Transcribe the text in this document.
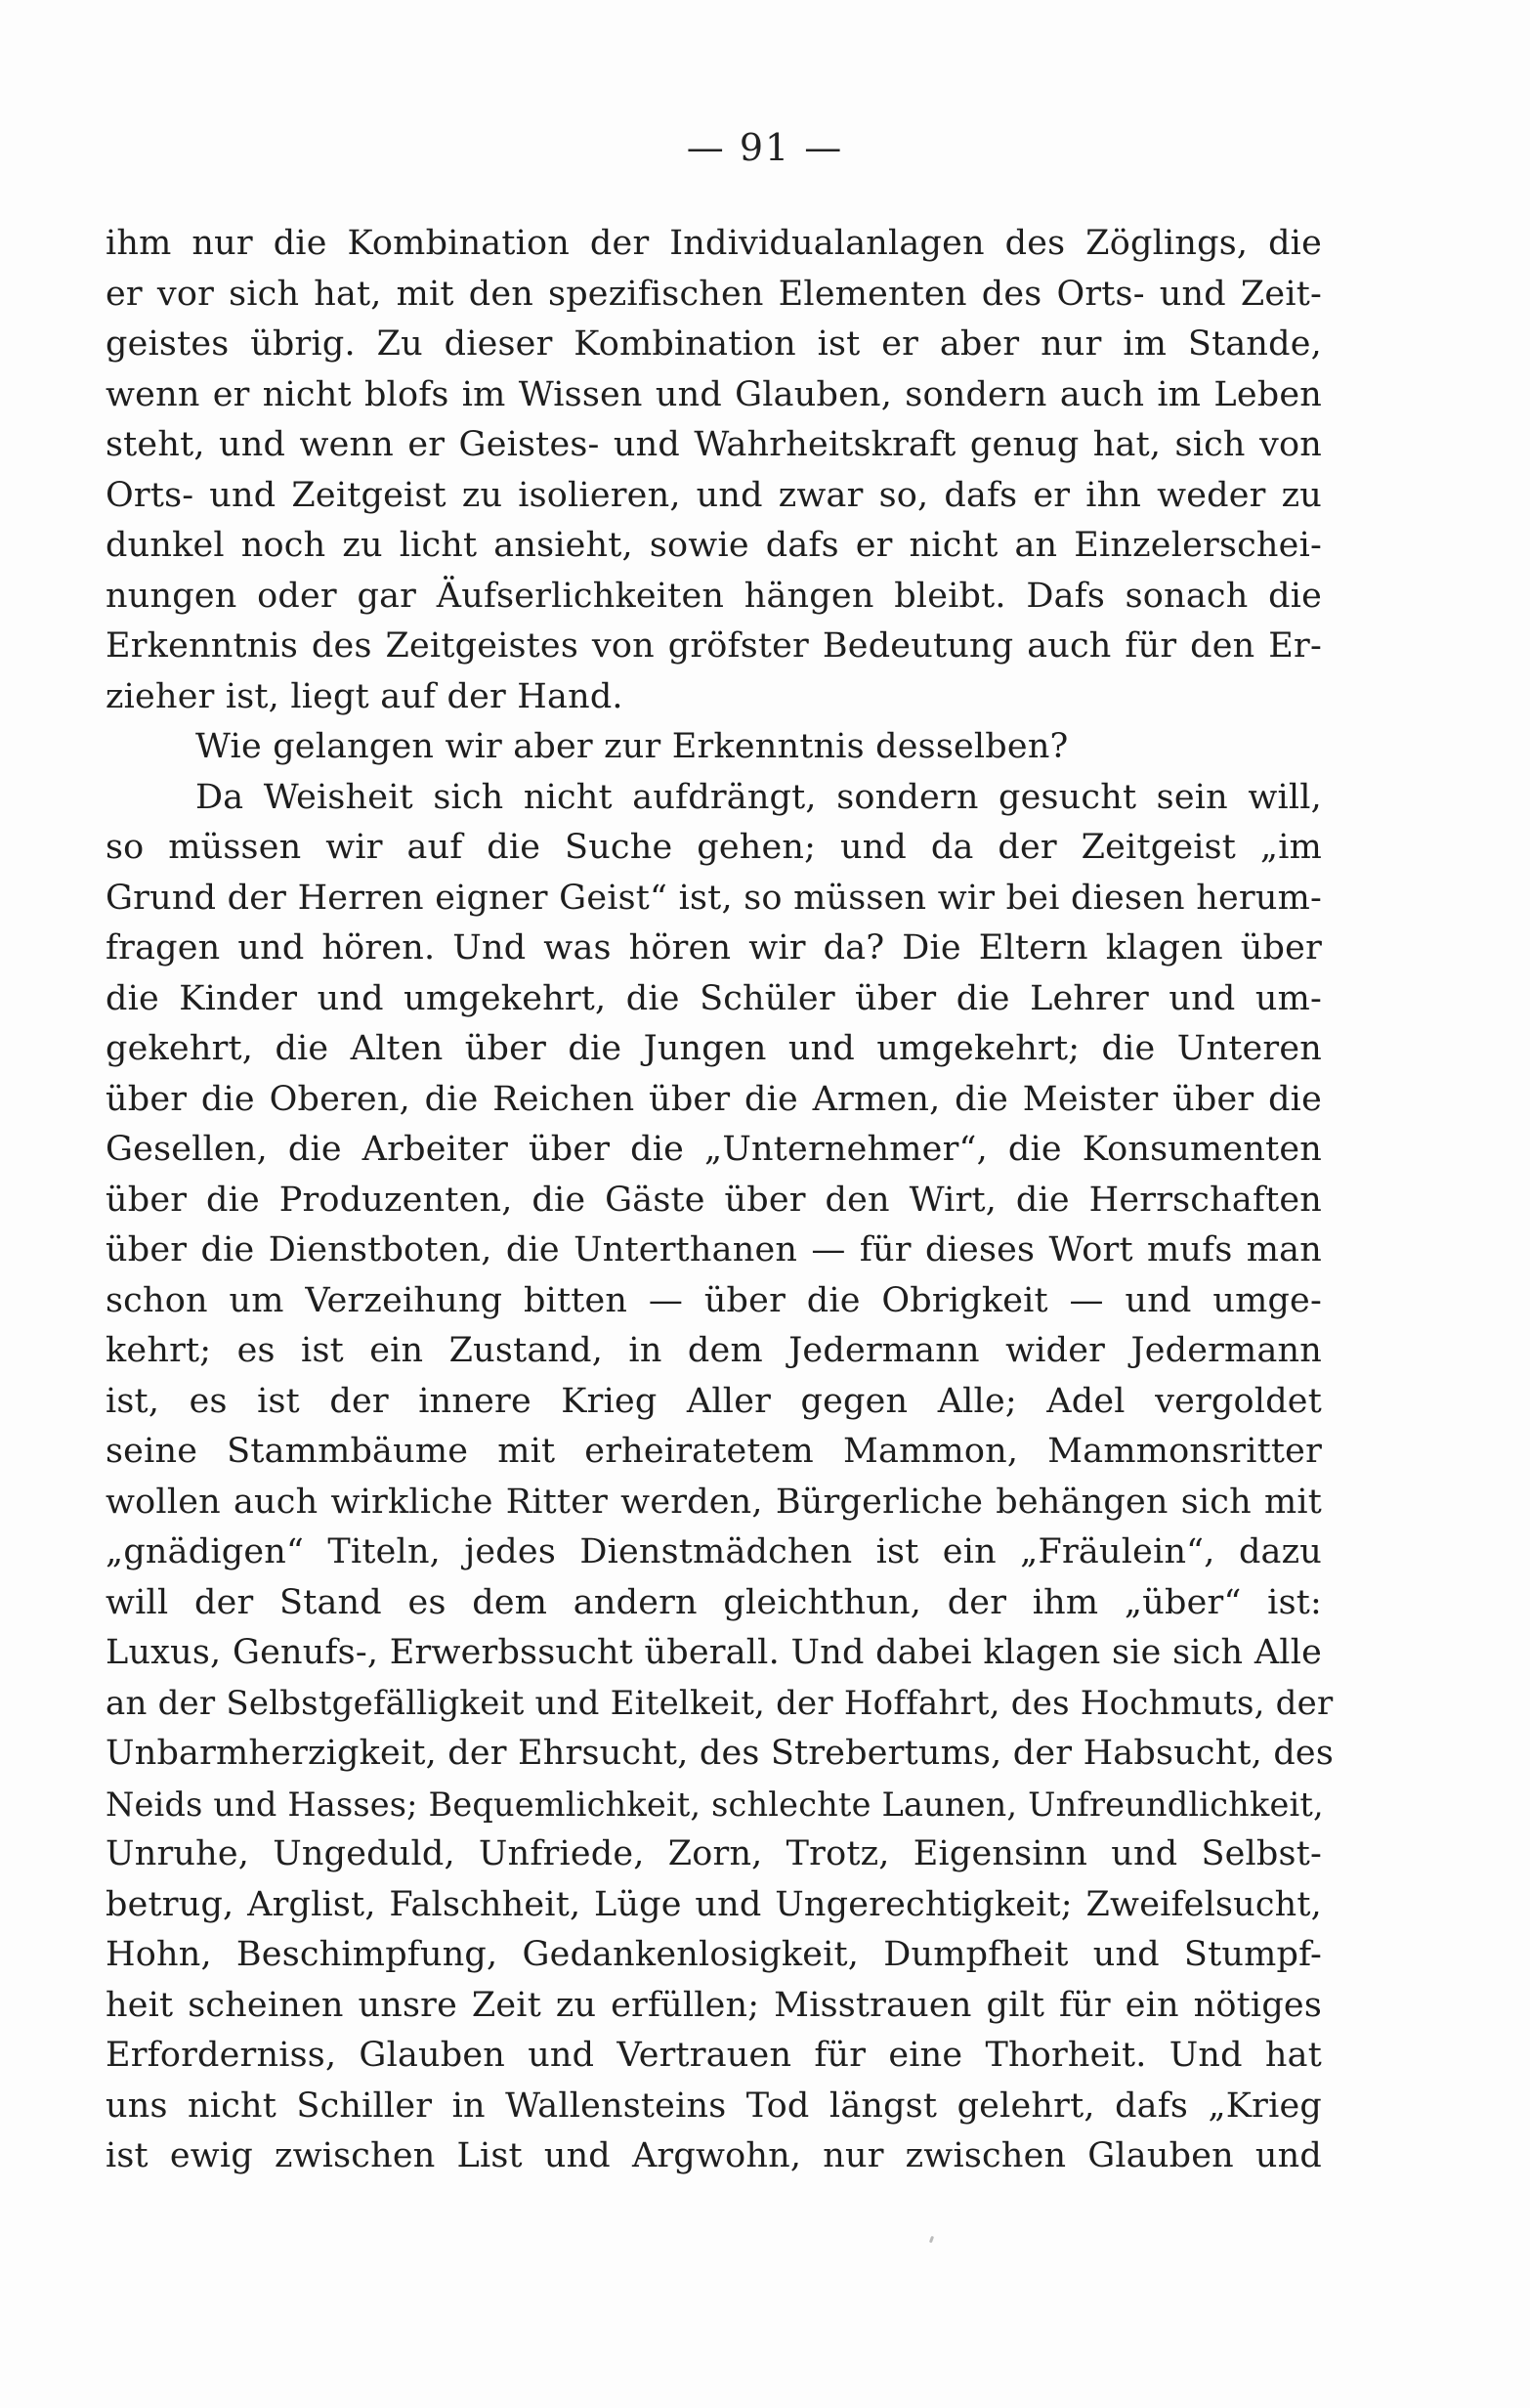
— 91 —
ihm nur die Kombination der Individualanlagen des Zöglings, die
er vor sich hat, mit den spezifischen Elementen des Orts- und Zeit-
geistes übrig. Zu dieser Kombination ist er aber nur im Stande,
wenn er nicht blofs im Wissen und Glauben, sondern auch im Leben
steht, und wenn er Geistes- und Wahrheitskraft genug hat, sich von
Orts- und Zeitgeist zu isolieren, und zwar so, dafs er ihn weder zu
dunkel noch zu licht ansieht, sowie dafs er nicht an Einzelerschei-
nungen oder gar Äufserlichkeiten hängen bleibt. Dafs sonach die
Erkenntnis des Zeitgeistes von gröfster Bedeutung auch für den Er-
zieher ist, liegt auf der Hand.
Wie gelangen wir aber zur Erkenntnis desselben?
Da Weisheit sich nicht aufdrängt, sondern gesucht sein will,
so müssen wir auf die Suche gehen; und da der Zeitgeist „im
Grund der Herren eigner Geist“ ist, so müssen wir bei diesen herum-
fragen und hören. Und was hören wir da? Die Eltern klagen über
die Kinder und umgekehrt, die Schüler über die Lehrer und um-
gekehrt, die Alten über die Jungen und umgekehrt; die Unteren
über die Oberen, die Reichen über die Armen, die Meister über die
Gesellen, die Arbeiter über die „Unternehmer“, die Konsumenten
über die Produzenten, die Gäste über den Wirt, die Herrschaften
über die Dienstboten, die Unterthanen — für dieses Wort mufs man
schon um Verzeihung bitten — über die Obrigkeit — und umge-
kehrt; es ist ein Zustand, in dem Jedermann wider Jedermann
ist, es ist der innere Krieg Aller gegen Alle; Adel vergoldet
seine Stammbäume mit erheiratetem Mammon, Mammonsritter
wollen auch wirkliche Ritter werden, Bürgerliche behängen sich mit
„gnädigen“ Titeln, jedes Dienstmädchen ist ein „Fräulein“, dazu
will der Stand es dem andern gleichthun, der ihm „über“ ist:
Luxus, Genufs-, Erwerbssucht überall. Und dabei klagen sie sich Alle
an der Selbstgefälligkeit und Eitelkeit, der Hoffahrt, des Hochmuts, der
Unbarmherzigkeit, der Ehrsucht, des Strebertums, der Habsucht, des
Neids und Hasses; Bequemlichkeit, schlechte Launen, Unfreundlichkeit,
Unruhe, Ungeduld, Unfriede, Zorn, Trotz, Eigensinn und Selbst-
betrug, Arglist, Falschheit, Lüge und Ungerechtigkeit; Zweifelsucht,
Hohn, Beschimpfung, Gedankenlosigkeit, Dumpfheit und Stumpf-
heit scheinen unsre Zeit zu erfüllen; Misstrauen gilt für ein nötiges
Erforderniss, Glauben und Vertrauen für eine Thorheit. Und hat
uns nicht Schiller in Wallensteins Tod längst gelehrt, dafs „Krieg
ist ewig zwischen List und Argwohn, nur zwischen Glauben und
